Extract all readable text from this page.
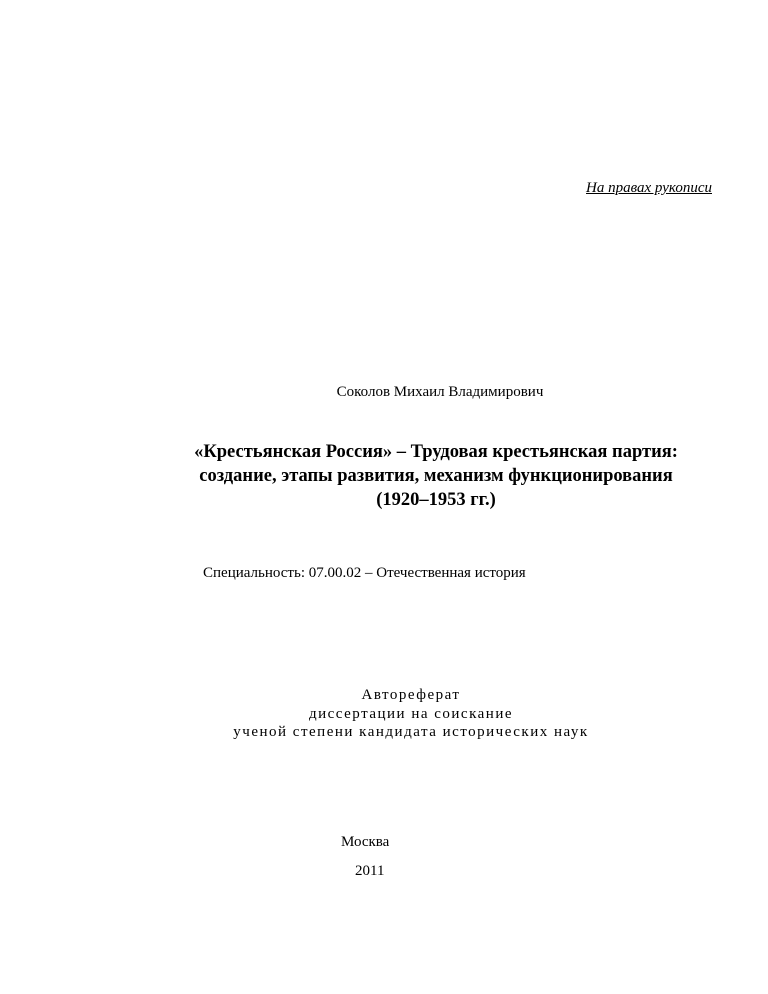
На правах рукописи

Соколов Михаил Владимирович

«Крестьянская Россия» – Трудовая крестьянская партия:
создание, этапы развития, механизм функционирования
(1920–1953 гг.)

Специальность: 07.00.02 – Отечественная история

Автореферат
диссертации на соискание
ученой степени кандидата исторических наук

Москва

2011
